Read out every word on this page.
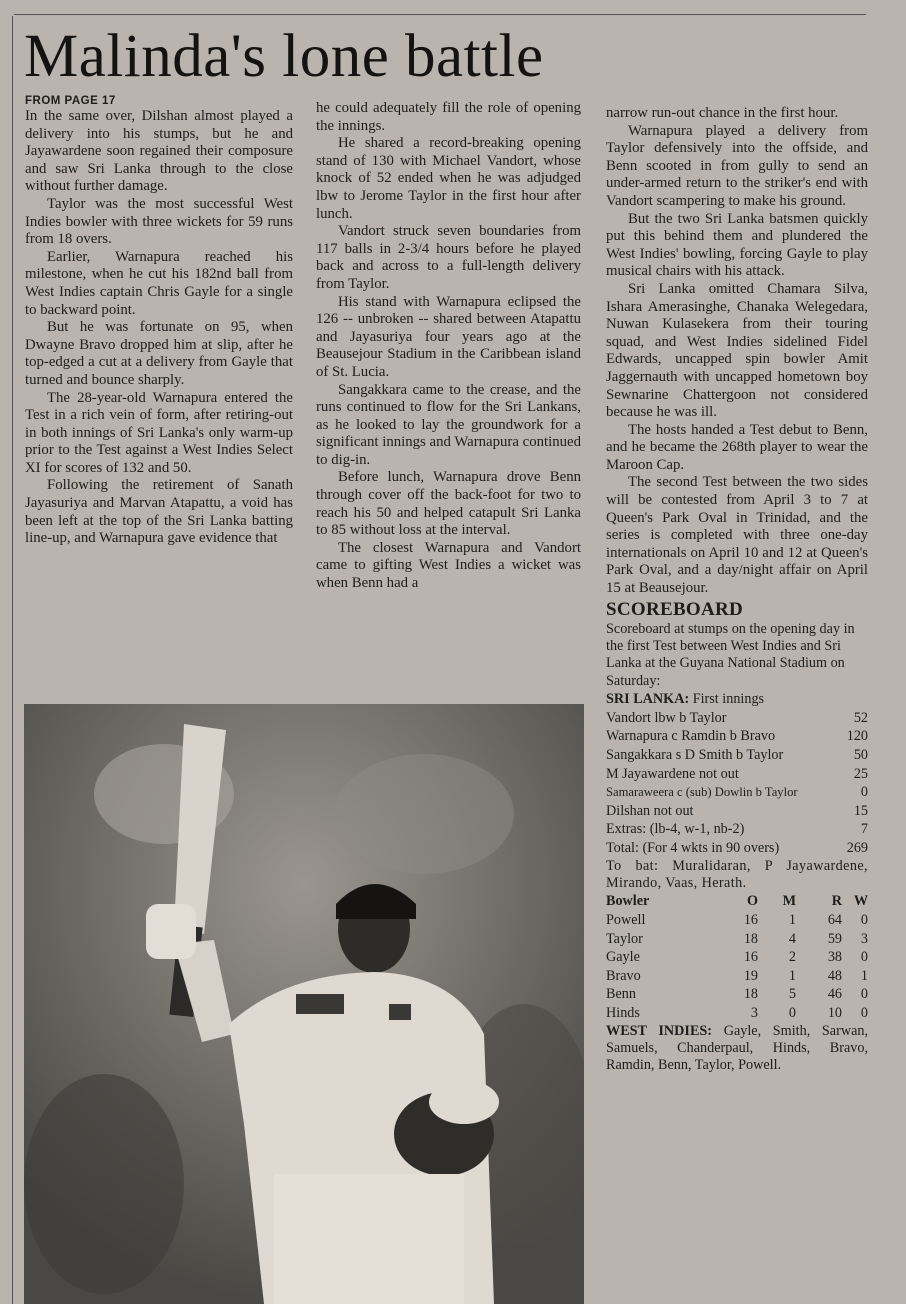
Malinda's lone battle
FROM PAGE 17

In the same over, Dilshan almost played a delivery into his stumps, but he and Jayawardene soon regained their composure and saw Sri Lanka through to the close without further damage.

Taylor was the most successful West Indies bowler with three wickets for 59 runs from 18 overs.

Earlier, Warnapura reached his milestone, when he cut his 182nd ball from West Indies captain Chris Gayle for a single to backward point.

But he was fortunate on 95, when Dwayne Bravo dropped him at slip, after he top-edged a cut at a delivery from Gayle that turned and bounce sharply.

The 28-year-old Warnapura entered the Test in a rich vein of form, after retiring-out in both innings of Sri Lanka's only warm-up prior to the Test against a West Indies Select XI for scores of 132 and 50.

Following the retirement of Sanath Jayasuriya and Marvan Atapattu, a void has been left at the top of the Sri Lanka batting line-up, and Warnapura gave evidence that

he could adequately fill the role of opening the innings.

He shared a record-breaking opening stand of 130 with Michael Vandort, whose knock of 52 ended when he was adjudged lbw to Jerome Taylor in the first hour after lunch.

Vandort struck seven boundaries from 117 balls in 2-3/4 hours before he played back and across to a full-length delivery from Taylor.

His stand with Warnapura eclipsed the 126 -- unbroken -- shared between Atapattu and Jayasuriya four years ago at the Beausejour Stadium in the Caribbean island of St. Lucia.

Sangakkara came to the crease, and the runs continued to flow for the Sri Lankans, as he looked to lay the groundwork for a significant innings and Warnapura continued to dig-in.

Before lunch, Warnapura drove Benn through cover off the back-foot for two to reach his 50 and helped catapult Sri Lanka to 85 without loss at the interval.

The closest Warnapura and Vandort came to gifting West Indies a wicket was when Benn had a

narrow run-out chance in the first hour.

Warnapura played a delivery from Taylor defensively into the offside, and Benn scooted in from gully to send an under-armed return to the striker's end with Vandort scampering to make his ground.

But the two Sri Lanka batsmen quickly put this behind them and plundered the West Indies' bowling, forcing Gayle to play musical chairs with his attack.

Sri Lanka omitted Chamara Silva, Ishara Amerasinghe, Chanaka Welegedara, Nuwan Kulasekera from their touring squad, and West Indies sidelined Fidel Edwards, uncapped spin bowler Amit Jaggernauth with uncapped hometown boy Sewnarine Chattergoon not considered because he was ill.

The hosts handed a Test debut to Benn, and he became the 268th player to wear the Maroon Cap.

The second Test between the two sides will be contested from April 3 to 7 at Queen's Park Oval in Trinidad, and the series is completed with three one-day internationals on April 10 and 12 at Queen's Park Oval, and a day/night affair on April 15 at Beausejour.

SCOREBOARD

Scoreboard at stumps on the opening day in the first Test between West Indies and Sri Lanka at the Guyana National Stadium on Saturday:

SRI LANKA: First innings
Vandort lbw b Taylor	52
Warnapura c Ramdin b Bravo	120
Sangakkara s D Smith b Taylor	50
M Jayawardene not out	25
Samaraweera c (sub) Dowlin b Taylor	0
Dilshan not out	15
Extras: (lb-4, w-1, nb-2)	7
Total: (For 4 wkts in 90 overs)	269

To bat: Muralidaran, P Jayawardene, Mirando, Vaas, Herath.

Bowler	O	M	R W
Powell	16	1	64	0
Taylor	18	4	59	3
Gayle	16	2	38	0
Bravo	19	1	48	1
Benn	18	5	46	0
Hinds	3	0	10	0

WEST INDIES: Gayle, Smith, Sarwan, Samuels, Chanderpaul, Hinds, Bravo, Ramdin, Benn, Taylor, Powell.
